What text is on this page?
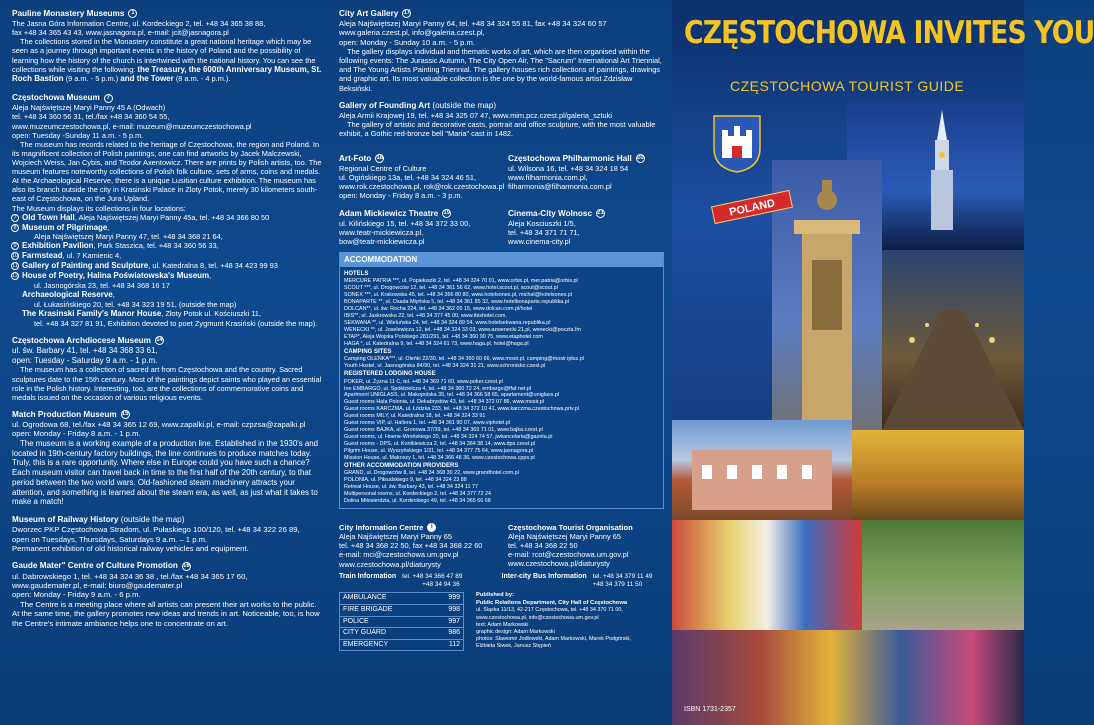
Pauline Monastery Museums 1
The Jasna Góra Information Centre, ul. Kordeckiego 2, tel. +48 34 365 38 88,
fax +48 34 365 43 43, www.jasnagora.pl, e-mail: jcit@jasnagora.pl
The collections stored in the Monastery constitute a great national heritage which may be seen as a journey through important events in the history of Poland and the possibility of learning how the history of the church is intertwined with the national history. You can see the collections while visiting the following: the Treasury, the 600th Anniversary Museum, St. Roch Bastion (9 a.m. - 5 p.m.) and the Tower (8 a.m. - 4 p.m.).
Częstochowa Museum 7
Aleja Najświętszej Maryi Panny 45 A (Odwach)
tel. +48 34 360 56 31, tel./fax +48 34 360 54 55,
www.muzeumczestochowa.pl, e-mail: muzeum@muzeumczestochowa.pl
open: Tuesday -Sunday 11 a.m. - 5 p.m.
The museum has records related to the heritage of Częstochowa, the region and Poland. In its magnificent collection of Polish paintings, one can find artworks by Jacek Malczewski, Wojciech Weiss, Jan Cybis, and Teodor Axentowicz. There are prints by Polish artists, too. The museum features noteworthy collections of Polish folk culture, sets of arms, coins and medals. At the Archaeological Reserve, there is a unique Lusitian culture exhibition. The museum has also its branch outside the city in Krasinski Palace in Zloty Potok, merely 30 kilometers south-east of Częstochowa, on the Jura Upland.
The Museum displays its collections in four locations:
7 Old Town Hall, Aleja Najświętszej Maryi Panny 45a, tel. +48 34 366 80 50
8 Museum of Pilgrimage,
Aleja Najświętszej Maryi Panny 47, tel. +48 34 368 21 64,
9 Exhibition Pavilion, Park Staszica, tel. +48 34 360 56 33,
10 Farmstead, ul. 7 Kamienic 4,
11 Gallery of Painting and Sculpture, ul. Katedralna 8, tel. +48 34 423 99 93
12 House of Poetry, Halina Poświatowska's Museum,
ul. Jasnogórska 23, tel. +48 34 368 16 17
Archaeological Reserve,
ul. Łukasińskiego 20, tel. +48 34 323 19 51, (outside the map)
The Krasinski Family's Manor House, Złoty Potok ul. Kościuszki 11,
tel. +48 34 327 81 91, Exhibition devoted to poet Zygmunt Krasiński (outside the map).
Częstochowa Archdiocese Museum 14
ul. św. Barbary 41, tel. +48 34 368 33 61,
open: Tuesday - Saturday 9 a.m. - 1 p.m.
The museum has a collection of sacred art from Częstochowa and the country. Sacred sculptures date to the 15th century. Most of the paintings depict saints who played an essential role in the Polish history. Interesting, too, are the collections of commemorative coins and medals issued on the occasion of various religious events.
Match Production Museum 15
ul. Ogrodowa 68, tel./fax +48 34 365 12 69, www.zapalki.pl, e-mail: czpzsa@zapalki.pl
open: Monday - Friday 8 a.m. - 1 p.m.
The museum is a working example of a production line. Established in the 1930's and located in 19th-century factory buildings, the line continues to produce matches today. Truly, this is a rare opportunity. Where else in Europe could you have such a chance? Each museum visitor can travel back in time to the first half of the 20th century, to that period between the two world wars. Old-fashioned steam machinery attracts your attention, and something is learned about the steam era, as well, as just what it takes to make a match!
Museum of Railway History (outside the map)
Dworzec PKP Częstochowa Stradom, ul. Pułaskiego 100/120, tel. +48 34 322 26 89,
open on Tuesdays, Thursdays, Saturdays 9 a.m. – 1 p.m.
Permanent exhibition of old historical railway vehicles and equipment.
Gaude Mater" Centre of Culture Promotion 16
ul. Dabrowskiego 1, tel. +48 34 324 36 38 , tel./fax +48 34 365 17 60,
www.gaudemater.pl, e-mail: biuro@gaudemater.pl
open: Monday - Friday 9 a.m. - 6 p.m.
The Centre is a meeting place where all artists can present their art works to the public. At the same time, the gallery promotes new ideas and trends in art. Noticeable, too, is how the Centre's intimate ambiance helps one to concentrate on art.
City Art Gallery 17
Aleja Najświętszej Maryi Panny 64, tel. +48 34 324 55 81, fax +48 34 324 60 57
www.galeria.czest.pl, info@galeria.czest.pl,
open: Monday - Sunday 10 a.m. - 5 p.m.
The gallery displays individual and thematic works of art, which are then organised within the following events: The Jurassic Autumn, The City Open Air, The "Sacrum" International Art Triennial, and The Young Artists Painting Triennial. The gallery houses rich collections of paintings, drawings and graphic art. Its most valuable collection is the one by the world-famous artist Zdzisław Beksiński.
Gallery of Founding Art (outside the map)
Aleja Armii Krajowej 19, tel. +48 34 325 07 47, www.mim.pcz.czest.pl/galeria_sztuki
The gallery of artistic and decorative casts, portrait and office sculpture, with the most valuable exhibit, a Gothic red-bronze bell "Maria" cast in 1482.
Art-Foto 18
Regional Centre of Culture
ul. Ogińskiego 13a, tel. +48 34 324 46 51,
www.rok.czestochowa.pl, rok@rok.czestochowa.pl
open: Monday - Friday 8 a.m. - 3 p.m.
Częstochowa Philharmonic Hall 20
ul. Wilsona 16, tel. +48 34 324 18 54
www.filharmonia.com.pl,
filharmonia@filharmonia.com.pl
Adam Mickiewicz Theatre 19
ul. Kilińskiego 15, tel. +48 34 372 33 00,
www.teatr-mickiewicza.pl,
bow@teatr-mickiewicza.pl
Cinema-City Wolnosc 21
Aleja Kosciuszki 1/5,
tel. +48 34 371 71 71,
www.cinema-city.pl
ACCOMMODATION
HOTELS
MERCURE PATRIA ***, ul. Popiełuszki 2, tel. +48 34 324 70 01, www.orbis.pl, mer.patria@orbis.pl
SCOUT ***, ul. Drogowców 12, tel. +48 34 361 56 62, www.hotel.scout.pl, scout@scout.pl
SONEX ***, ul. Krakowska 45, tel. +48 34 366 80 80, www.hotelsonex.pl, michal@hotelsonex.pl
BONAPARTE **, ul. Osada Młyńska 5, tel. +48 34 361 85 32, www.hotelbonaparte.republika.pl
DOLCAN**, ul. św. Rocha 224, tel. +48 34 362 05 15, www.dolcan.com.pl/hotel
IBIS**, ul. Jaskrowska 22, tel. +48 34 377 45 00, www.ibishotel.com,
SEKWANA **, ul. Wieluńska 24, tel. +48 34 324 89 54, www.hotelsekwana.republika.pl
WENECKI **, ul. Joselewicza 12, tel. +48 34 324 33 03, www.azwenecki.21.pl, wenecki@poczta.fm
ETAP*, Aleja Wojska Polskiego 281/291, tel. +48 34 360 90 75, www.etaphotel.com
HAGA *, ul. Katedralna 9, tel. +48 34 324 61 73, www.haga.pl, hotel@haga.pl
CAMPING SITES
Camping OLEŃKA***, ul. Oleńki 22/30, tel. +48 34 360 60 66, www.mosir.pl, camping@mosir.iplus.pl
Youth Hostel, ul. Jasnogórska 84/90, tel. +48 34 324 31 21, www.schronisko.czest.pl
REGISTERED LODGING HOUSE
POKER, ul. Żyzna 11 C, tel. +48 34 369 71 60, www.poker.czest.pl
Inn EMBARGO, ul. Spółdzielcza 4, tel. +48 34 360 72 24, embargo@ffaf.net.pl
Apartment UNIGLASS, ul. Makopolska 35, tel. +48 34 366 58 65, apartament@uniglass.pl
Guest rooms Hala Polonia, ul. Dekabrystów 43, tel. +48 34 372 07 86, www.mosir.pl
Guest rooms KARCZMA, ul. Łódzka 233, tel. +48 34 372 10 41, www.karczma.czestochowa.priv.pl
Guest rooms MILY, ul. Katedralna 18, tel. +48 34 324 33 91
Guest rooms VIP, ul. Hallera 1, tel. +48 34 361 90 07, www.viphotel.pl
Guest rooms BAJKA, ul. Gronowa 37/39, tel. +48 34 369 71 01, www.bajka.czest.pl
Guest rooms, ul. Hoene-Wrońskiego 20, tel. +48 34 324 74 57, jwkancelaria@gazeta.pl
Guest rooms - DPS, ul. Kontkiewicza 2, tel. +48 34 364 38 14, www.dps.czest.pl
Pilgrim House, ul. Wyszyńskiego 1/31, tel. +48 34 377 75 64, www.jasnagora.pl
Mission House, ul. Makoszy 1, tel. +48 34 366 48 36, www.czestochowa.cpps.pl
OTHER ACCOMMODATION PROVIDERS
GRAND, ul. Drogowców 8, tel. +48 34 368 30 22, www.grandhotel.com.pl
POLONIA, ul. Piłsudskiego 9, tel. +48 34 324 23 88
Retreat House, ul. św. Barbary 43, tel. +48 34 324 11 77
Multipersonal rooms, ul. Kordeckiego 2, tel. +48 34 377 72 24
Dolina Miłosierdzia, ul. Kordeckiego 49, tel. +48 34 365 66 68
City Information Centre i
Aleja Najświętszej Maryi Panny 65
tel. +48 34 368 22 50, fax +48 34 368 22 60
e-mail: mci@czestochowa.um.gov.pl
www.czestochowa.pl/diaturysty
Częstochowa Tourist Organisation
Aleja Najświętszej Maryi Panny 65
tel. +48 34 368 22 50
e-mail: rcot@czestochowa.um.gov.pl
www.czestochowa.pl/diaturysty
Train Information tel. +48 34 366 47 89
+48 34 94 36
Inter-city Bus Information tel. +48 34 379 11 49
+48 34 379 11 50
AMBULANCE	999
FIRE BRIGADE	998
POLICE	997
CITY GUARD	986
EMERGENCY	112
Published by:
Public Relations Department, City Hall of Częstochowa
ul. Śląska 11/13, 42-217 Częstochowa, tel. +48 34 370 71 00,
www.czestochowa.pl, info@czestochowa.um.gov.pl
text: Adam Markowski
graphic design: Adam Markowski
photos: Sławomir Jodłowski, Adam Markowski, Marek Podgórski,
Elżbieta Siwek, Janusz Stępień
CZĘSTOCHOWA INVITES YOU
CZĘSTOCHOWA TOURIST GUIDE
POLAND
ISBN 1731-2357
